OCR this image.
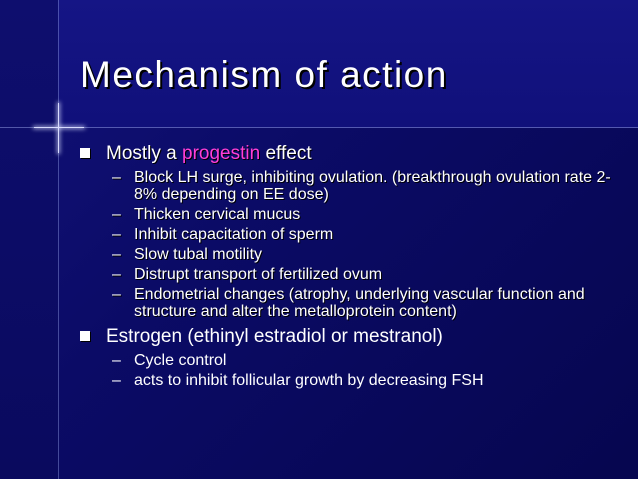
Mechanism of action
Mostly a progestin effect
– Block LH surge, inhibiting ovulation. (breakthrough ovulation rate 2-8% depending on EE dose)
– Thicken cervical mucus
– Inhibit capacitation of sperm
– Slow tubal motility
– Distrupt transport of fertilized ovum
– Endometrial changes (atrophy, underlying vascular function and structure and alter the metalloprotein content)
Estrogen (ethinyl estradiol or mestranol)
– Cycle control
– acts to inhibit follicular growth by decreasing FSH
